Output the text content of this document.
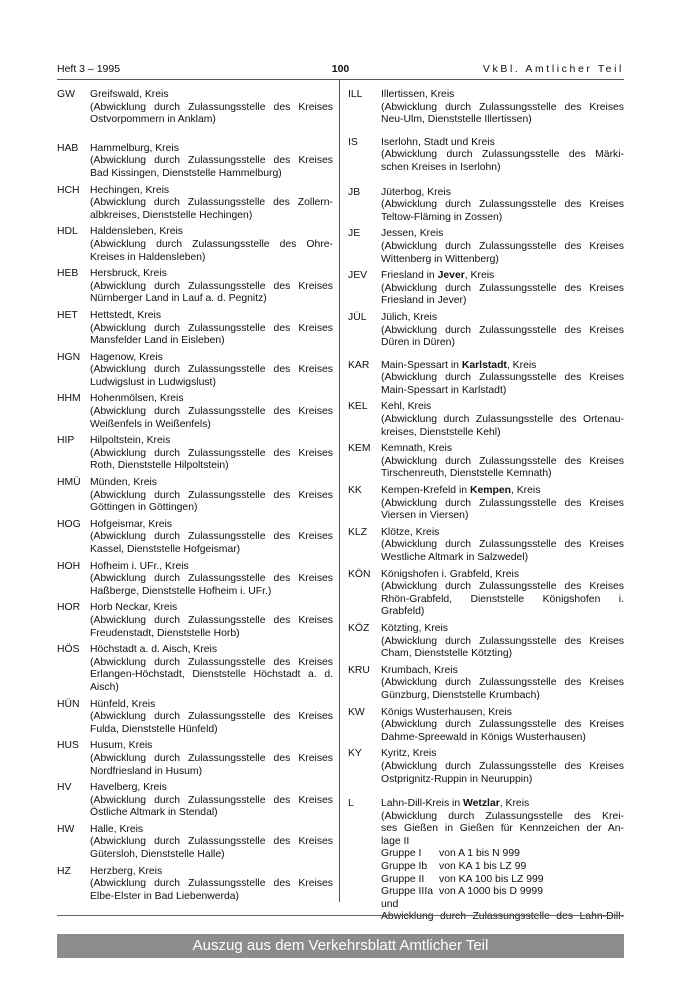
Heft 3 – 1995	100	VkBl. Amtlicher Teil
GW	Greifswald, Kreis
(Abwicklung durch Zulassungsstelle des Kreises
Ostvorpommern in Anklam)
HAB	Hammelburg, Kreis
(Abwicklung durch Zulassungsstelle des Kreises
Bad Kissingen, Dienststelle Hammelburg)
HCH	Hechingen, Kreis
(Abwicklung durch Zulassungsstelle des Zollern-
albkreises, Dienststelle Hechingen)
HDL	Haldensleben, Kreis
(Abwicklung durch Zulassungsstelle des Ohre-
Kreises in Haldensleben)
HEB	Hersbruck, Kreis
(Abwicklung durch Zulassungsstelle des Kreises
Nürnberger Land in Lauf a. d. Pegnitz)
HET	Hettstedt, Kreis
(Abwicklung durch Zulassungsstelle des Kreises
Mansfelder Land in Eisleben)
HGN Hagenow, Kreis
(Abwicklung durch Zulassungsstelle des Kreises
Ludwigslust in Ludwigslust)
HHM Hohenmölsen, Kreis
(Abwicklung durch Zulassungsstelle des Kreises
Weißenfels in Weißenfels)
HIP	Hilpoltstein, Kreis
(Abwicklung durch Zulassungsstelle des Kreises
Roth, Dienststelle Hilpoltstein)
HMÜ Münden, Kreis
(Abwicklung durch Zulassungsstelle des Kreises
Göttingen in Göttingen)
HOG Hofgeismar, Kreis
(Abwicklung durch Zulassungsstelle des Kreises
Kassel, Dienststelle Hofgeismar)
HOH Hofheim i. UFr., Kreis
(Abwicklung durch Zulassungsstelle des Kreises
Haßberge, Dienststelle Hofheim i. UFr.)
HOR Horb Neckar, Kreis
(Abwicklung durch Zulassungsstelle des Kreises
Freudenstadt, Dienststelle Horb)
HÖS	Höchstadt a. d. Aisch, Kreis
(Abwicklung durch Zulassungsstelle des Kreises
Erlangen-Höchstadt, Dienststelle Höchstadt a. d.
Aisch)
HÜN	Hünfeld, Kreis
(Abwicklung durch Zulassungsstelle des Kreises
Fulda, Dienststelle Hünfeld)
HUS	Husum, Kreis
(Abwicklung durch Zulassungsstelle des Kreises
Nordfriesland in Husum)
HV	Havelberg, Kreis
(Abwicklung durch Zulassungsstelle des Kreises
Östliche Altmark in Stendal)
HW	Halle, Kreis
(Abwicklung durch Zulassungsstelle des Kreises
Gütersloh, Dienststelle Halle)
HZ	Herzberg, Kreis
(Abwicklung durch Zulassungsstelle des Kreises
Elbe-Elster in Bad Liebenwerda)
ILL	Illertissen, Kreis
(Abwicklung durch Zulassungsstelle des Kreises
Neu-Ulm, Dienststelle Illertissen)
IS	Iserlohn, Stadt und Kreis
(Abwicklung durch Zulassungsstelle des Märki-
schen Kreises in Iserlohn)
JB	Jüterbog, Kreis
(Abwicklung durch Zulassungsstelle des Kreises
Teltow-Fläming in Zossen)
JE	Jessen, Kreis
(Abwicklung durch Zulassungsstelle des Kreises
Wittenberg in Wittenberg)
JEV	Friesland in Jever, Kreis
(Abwicklung durch Zulassungsstelle des Kreises
Friesland in Jever)
JÜL	Jülich, Kreis
(Abwicklung durch Zulassungsstelle des Kreises
Düren in Düren)
KAR	Main-Spessart in Karlstadt, Kreis
(Abwicklung durch Zulassungsstelle des Kreises
Main-Spessart in Karlstadt)
KEL	Kehl, Kreis
(Abwicklung durch Zulassungsstelle des Ortenau-
kreises, Dienststelle Kehl)
KEM	Kemnath, Kreis
(Abwicklung durch Zulassungsstelle des Kreises
Tirschenreuth, Dienststelle Kemnath)
KK	Kempen-Krefeld in Kempen, Kreis
(Abwicklung durch Zulassungsstelle des Kreises
Viersen in Viersen)
KLZ	Klötze, Kreis
(Abwicklung durch Zulassungsstelle des Kreises
Westliche Altmark in Salzwedel)
KÖN	Königshofen i. Grabfeld, Kreis
(Abwicklung durch Zulassungsstelle des Kreises
Rhön-Grabfeld, Dienststelle Königshofen i.
Grabfeld)
KÖZ	Kötzting, Kreis
(Abwicklung durch Zulassungsstelle des Kreises
Cham, Dienststelle Kötzting)
KRU	Krumbach, Kreis
(Abwicklung durch Zulassungsstelle des Kreises
Günzburg, Dienststelle Krumbach)
KW	Königs Wusterhausen, Kreis
(Abwicklung durch Zulassungsstelle des Kreises
Dahme-Spreewald in Königs Wusterhausen)
KY	Kyritz, Kreis
(Abwicklung durch Zulassungsstelle des Kreises
Ostprignitz-Ruppin in Neuruppin)
L	Lahn-Dill-Kreis in Wetzlar, Kreis
(Abwicklung durch Zulassungsstelle des Krei-
ses Gießen in Gießen für Kennzeichen der An-
lage II
Gruppe I	von A 1 bis N 999
Gruppe Ib	von KA 1 bis LZ 99
Gruppe II	von KA 100 bis LZ 999
Gruppe IIIa von A 1000 bis D 9999
und
Abwicklung durch Zulassungsstelle des Lahn-Dill-
Auszug aus dem Verkehrsblatt Amtlicher Teil
